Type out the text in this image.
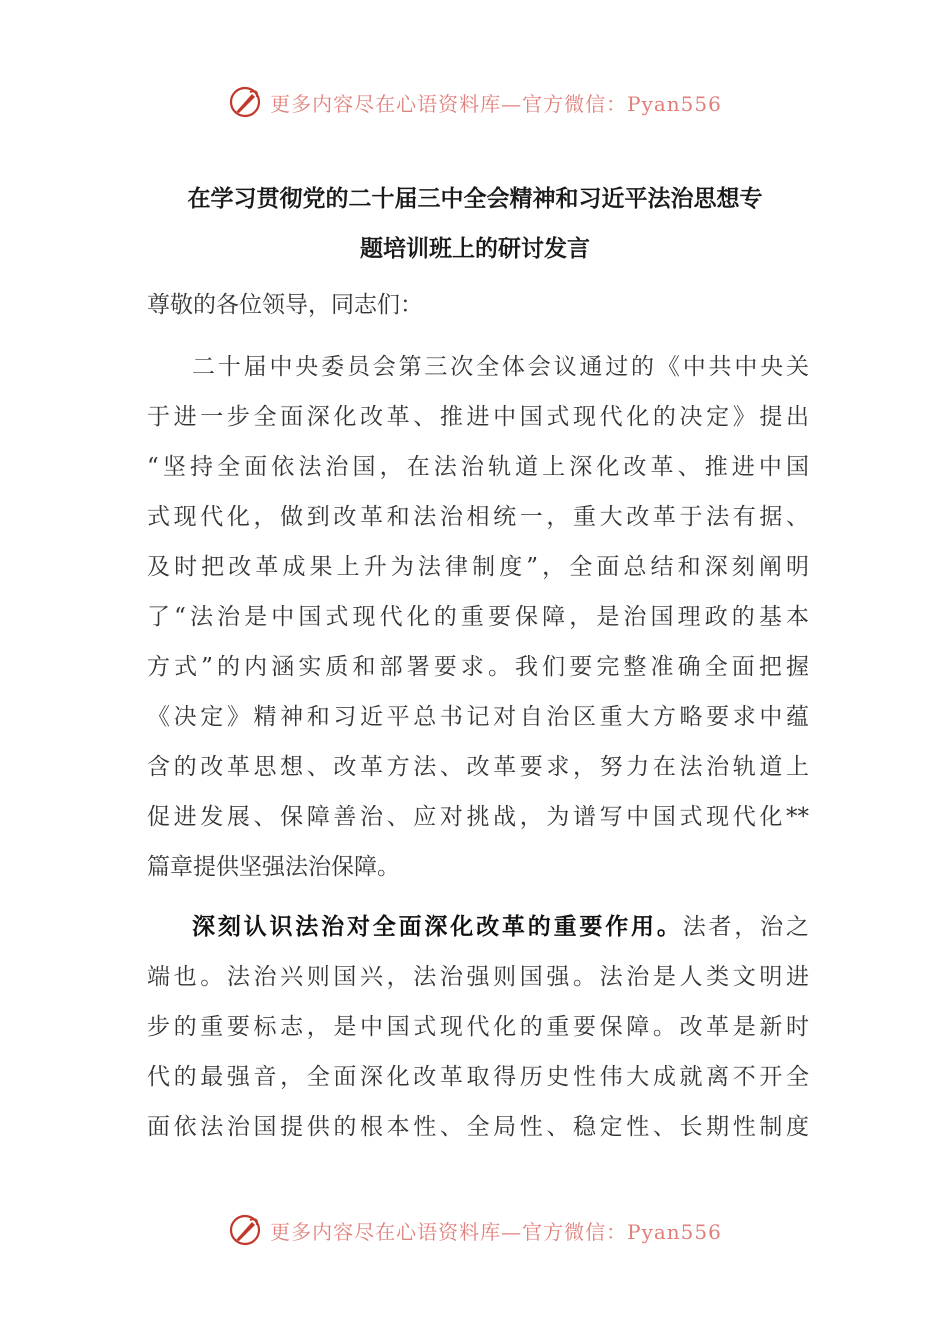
更多内容尽在心语资料库—官方微信：Pyan556
在学习贯彻党的二十届三中全会精神和习近平法治思想专
题培训班上的研讨发言
尊敬的各位领导，同志们：
二十届中央委员会第三次全体会议通过的《中共中央关
于进一步全面深化改革、推进中国式现代化的决定》提出
“坚持全面依法治国，在法治轨道上深化改革、推进中国
式现代化，做到改革和法治相统一，重大改革于法有据、
及时把改革成果上升为法律制度”，全面总结和深刻阐明
了“法治是中国式现代化的重要保障，是治国理政的基本
方式”的内涵实质和部署要求。我们要完整准确全面把握
《决定》精神和习近平总书记对自治区重大方略要求中蕴
含的改革思想、改革方法、改革要求，努力在法治轨道上
促进发展、保障善治、应对挑战，为谱写中国式现代化**
篇章提供坚强法治保障。
深刻认识法治对全面深化改革的重要作用。法者，治之
端也。法治兴则国兴，法治强则国强。法治是人类文明进
步的重要标志，是中国式现代化的重要保障。改革是新时
代的最强音，全面深化改革取得历史性伟大成就离不开全
面依法治国提供的根本性、全局性、稳定性、长期性制度
更多内容尽在心语资料库—官方微信：Pyan556
